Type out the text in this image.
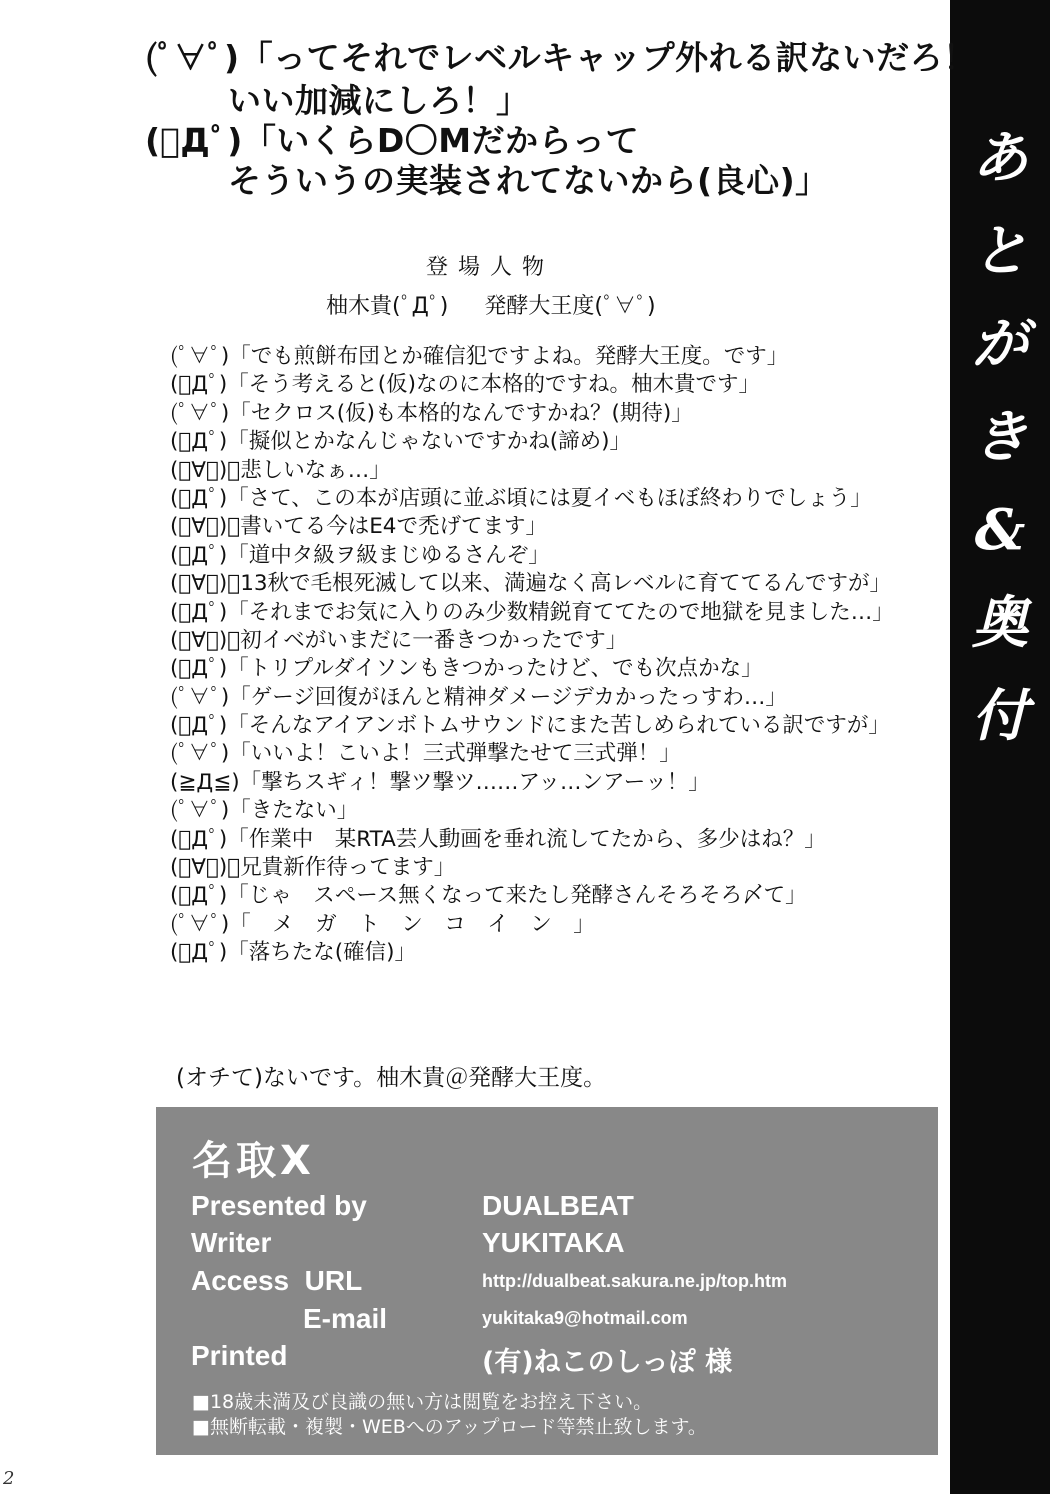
あ
と
が
き
&
奥
付
(ﾟ∀ﾟ)「ってそれでレベルキャップ外れる訳ないだろ！
いい加減にしろ！」
(ﾟДﾟ)「いくらD〇Mだからって
そういうの実装されてないから(良心)」
登場人物
柚木貴(ﾟДﾟ) 発酵大王度(ﾟ∀ﾟ)
(ﾟ∀ﾟ)「でも煎餅布団とか確信犯ですよね。発酵大王度。です」
(ﾟДﾟ)「そう考えると(仮)なのに本格的ですね。柚木貴です」
(ﾟ∀ﾟ)「セクロス(仮)も本格的なんですかね？(期待)」
(ﾟДﾟ)「擬似とかなんじゃないですかね(諦め)」
(ﾟ∀ﾟ)「悲しいなぁ…」
(ﾟДﾟ)「さて、この本が店頭に並ぶ頃には夏イベもほぼ終わりでしょう」
(ﾟ∀ﾟ)「書いてる今はE4で禿げてます」
(ﾟДﾟ)「道中タ級ヲ級まじゆるさんぞ」
(ﾟ∀ﾟ)「13秋で毛根死滅して以来、満遍なく高レベルに育ててるんですが」
(ﾟДﾟ)「それまでお気に入りのみ少数精鋭育ててたので地獄を見ました…」
(ﾟ∀ﾟ)「初イベがいまだに一番きつかったです」
(ﾟДﾟ)「トリプルダイソンもきつかったけど、でも次点かな」
(ﾟ∀ﾟ)「ゲージ回復がほんと精神ダメージデカかったっすわ…」
(ﾟДﾟ)「そんなアイアンボトムサウンドにまた苦しめられている訳ですが」
(ﾟ∀ﾟ)「いいよ！こいよ！三式弾撃たせて三式弾！」
(≧Д≦)「撃ちスギィ！撃ツ撃ツ……アッ…ンアーッ！」
(ﾟ∀ﾟ)「きたない」
(ﾟДﾟ)「作業中　某RTA芸人動画を垂れ流してたから、多少はね？」
(ﾟ∀ﾟ)「兄貴新作待ってます」
(ﾟДﾟ)「じゃ　スペース無くなって来たし発酵さんそろそろ〆て」
(ﾟ∀ﾟ)「　メ　ガ　ト　ン　コ　イ　ン　」
(ﾟДﾟ)「落ちたな(確信)」
(オチて)ないです。柚木貴＠発酵大王度。
名取X
Presented by	DUALBEAT
Writer	YUKITAKA
Access  URL	http://dualbeat.sakura.ne.jp/top.htm
E-mail	yukitaka9@hotmail.com
Printed	(有)ねこのしっぽ 様
■18歳未満及び良識の無い方は閲覧をお控え下さい。
■無断転載・複製・WEBへのアップロード等禁止致します。
2
